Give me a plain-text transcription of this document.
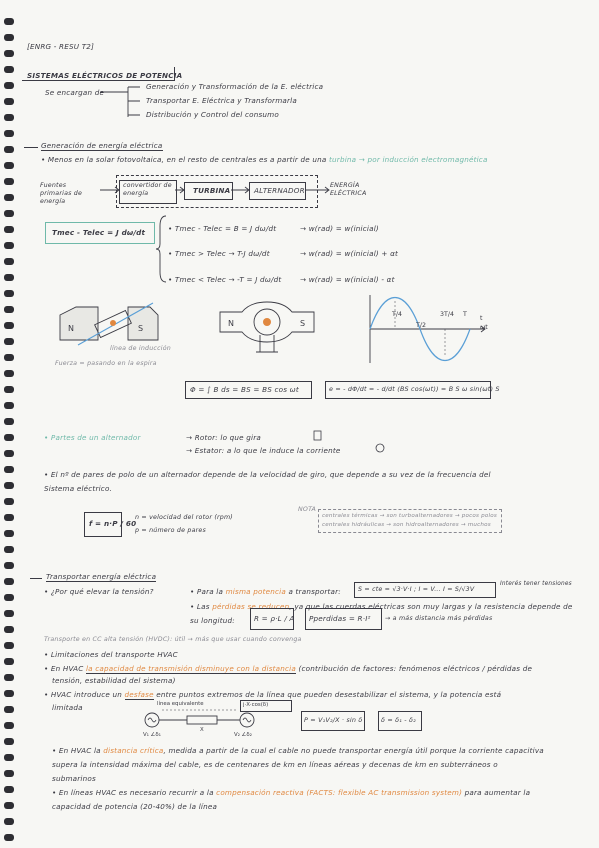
[ENRG - RESU T2]
SISTEMAS ELÉCTRICOS DE POTENCIA
Se encargan de
Generación y Transformación de la E. eléctrica
Transportar E. Eléctrica y Transformarla
Distribución y Control del consumo
Generación de energía eléctrica
• Menos en la solar fotovoltaica, en el resto de centrales es a partir de una turbina → por inducción electromagnética
Fuentes primarias de energía
convertidor de energía	TURBINA	ALTERNADOR
ENERGÍA ELÉCTRICA
Tmec - Telec = J dω/dt	• Tmec - Telec = B = J dω/dt	→ w(rad) = w(inicial)
• Tmec > Telec → T-J dω/dt	→ w(rad) = w(inicial) + αt
• Tmec < Telec → -T = J dω/dt	→ w(rad) = w(inicial) - αt
N	S
línea de inducción
Fuerza = pasando en la espira
N	S
T/4
T/2
3T/4 T
t
ωt
Φ = ∫ B ds = BS = BS cos ωt	e = - dΦ/dt = - d/dt (BS cos(ωt)) = B S ω sin(ωt) S
• Partes de un alternador	→ Rotor: lo que gira
→ Estator: a lo que le induce la corriente
• El nº de pares de polo de un alternador depende de la velocidad de giro, que depende a su vez de la frecuencia del
Sistema eléctrico.
f = n·P / 60
n = velocidad del rotor (rpm)
p = número de pares
NOTA
centrales térmicas → son turboalternadores → pocos polos
centrales hidráulicas → son hidroalternadores → muchos
Transportar energía eléctrica
• ¿Por qué elevar la tensión?	• Para la misma potencia a transportar:	S = cte = √3·V·I ; I = V... I = S/√3V
Interés tener tensiones
• Las pérdidas se reducen, ya que las cuerdas eléctricas son muy largas y la resistencia depende de
su longitud:	R = ρ·L / A Pperdidas = R·I² → a más distancia más pérdidas
Transporte en CC alta tensión (HVDC): útil → más que usar cuando convenga
• Limitaciones del transporte HVAC
• En HVAC la capacidad de transmisión disminuye con la distancia (contribución de factores: fenómenos eléctricos / pérdidas de
tensión, estabilidad del sistema)
• HVAC introduce un desfase entre puntos extremos de la línea que pueden desestabilizar el sistema, y la potencia está
limitada	línea equivalente
V₁ ∠δ₁	V₂ ∠δ₂
X
j·X·cos(δ)
P = V₁V₂/X · sin δ	δ = δ₁ - δ₂
• En HVAC la distancia crítica, medida a partir de la cual el cable no puede transportar energía útil porque la corriente capacitiva
supera la intensidad máxima del cable, es de centenares de km en líneas aéreas y decenas de km en subterráneos o
submarinos
• En líneas HVAC es necesario recurrir a la compensación reactiva (FACTS: flexible AC transmission system) para aumentar la
capacidad de potencia (20-40%) de la línea
